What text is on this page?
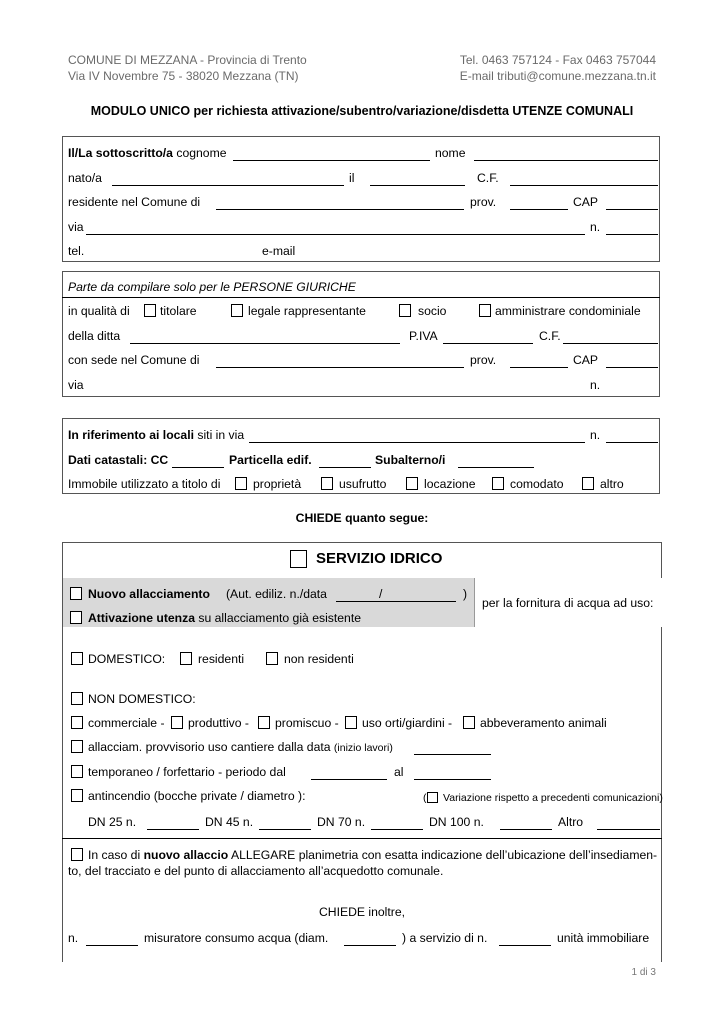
COMUNE DI MEZZANA - Provincia di Trento
Via IV Novembre 75 - 38020 Mezzana (TN)
Tel. 0463 757124 - Fax 0463 757044
E-mail tributi@comune.mezzana.tn.it
MODULO UNICO per richiesta attivazione/subentro/variazione/disdetta UTENZE COMUNALI
Il/La sottoscritto/a cognome	nome
nato/a	il	C.F.
residente nel Comune di	prov.	CAP
via	n.
tel.	e-mail
Parte da compilare solo per le PERSONE GIURICHE
in qualità di titolare	legale rappresentante	socio	amministrare condominiale
della ditta	P.IVA	C.F.
con sede nel Comune di	prov.	CAP
via	n.
In riferimento ai locali siti in via	n.
Dati catastali: CC	Particella edif.	Subalterno/i
Immobile utilizzato a titolo di	proprietà	usufrutto	locazione	comodato	altro
CHIEDE quanto segue:
SERVIZIO IDRICO
Nuovo allacciamento (Aut. ediliz. n./data	/	)
per la fornitura di acqua ad uso:
Attivazione utenza su allacciamento già esistente
DOMESTICO:	residenti	non residenti
NON DOMESTICO:
commerciale - produttivo - promiscuo - uso orti/giardini - abbeveramento animali
allacciam. provvisorio uso cantiere dalla data (inizio lavori)
temporaneo / forfettario - periodo dal	al
antincendio (bocche private / diametro ):	( Variazione rispetto a precedenti comunicazioni)
DN 25 n.	DN 45 n.	DN 70 n.	DN 100 n.	Altro
In caso di nuovo allaccio ALLEGARE planimetria con esatta indicazione dell’ubicazione dell’insediamen-
to, del tracciato e del punto di allacciamento all’acquedotto comunale.
CHIEDE inoltre,
n.	misuratore consumo acqua (diam.	) a servizio di n.	unità immobiliare
1 di 3
